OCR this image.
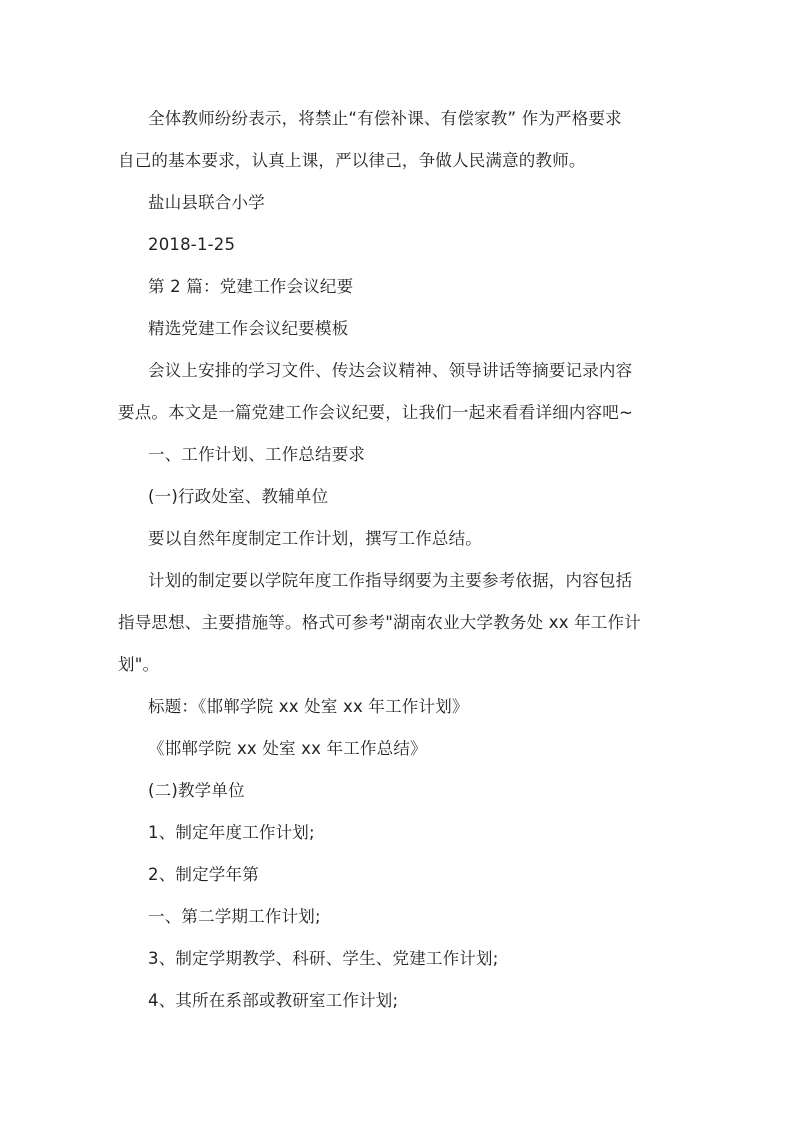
全体教师纷纷表示，将禁止“有偿补课、有偿家教” 作为严格要求
自己的基本要求，认真上课，严以律己，争做人民满意的教师。
盐山县联合小学
2018-1-25
第 2 篇：党建工作会议纪要
精选党建工作会议纪要模板
会议上安排的学习文件、传达会议精神、领导讲话等摘要记录内容
要点。本文是一篇党建工作会议纪要，让我们一起来看看详细内容吧~
一、工作计划、工作总结要求
(一)行政处室、教辅单位
要以自然年度制定工作计划，撰写工作总结。
计划的制定要以学院年度工作指导纲要为主要参考依据，内容包括
指导思想、主要措施等。格式可参考"湖南农业大学教务处 xx 年工作计
划"。
标题：《邯郸学院 xx 处室 xx 年工作计划》
《邯郸学院 xx 处室 xx 年工作总结》
(二)教学单位
1、制定年度工作计划;
2、制定学年第
一、第二学期工作计划;
3、制定学期教学、科研、学生、党建工作计划;
4、其所在系部或教研室工作计划;
